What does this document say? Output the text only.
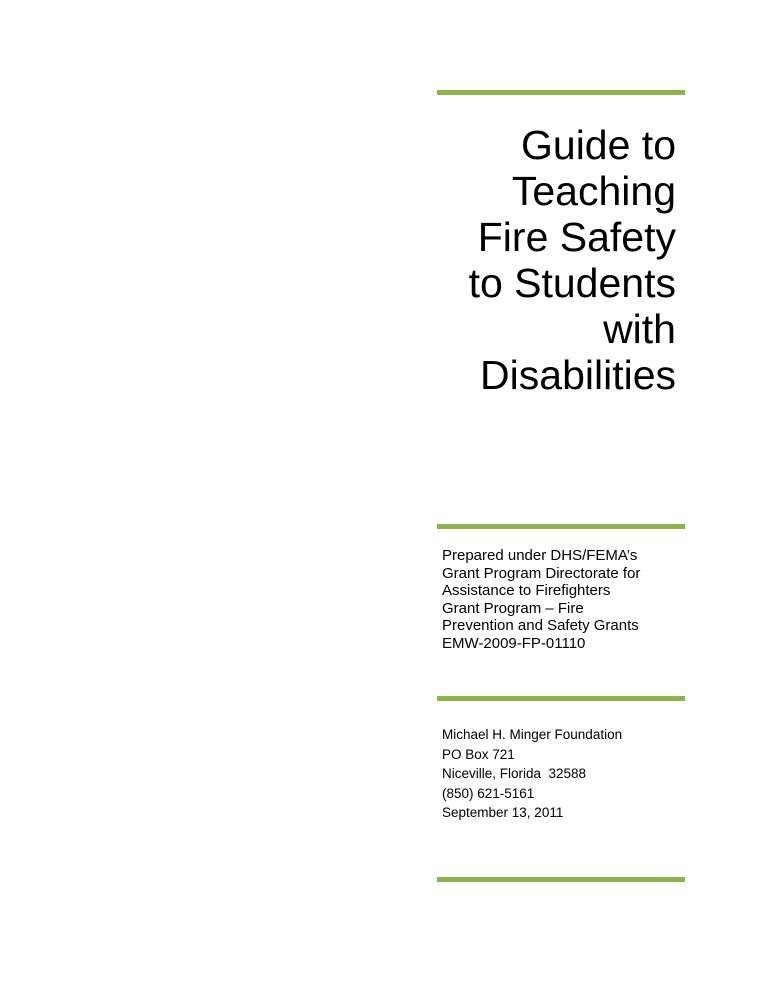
Guide to
Teaching
Fire Safety
to Students
with
Disabilities
Prepared under DHS/FEMA’s
Grant Program Directorate for
Assistance to Firefighters
Grant Program – Fire
Prevention and Safety Grants
EMW-2009-FP-01110
Michael H. Minger Foundation
PO Box 721
Niceville, Florida  32588
(850) 621-5161
September 13, 2011
